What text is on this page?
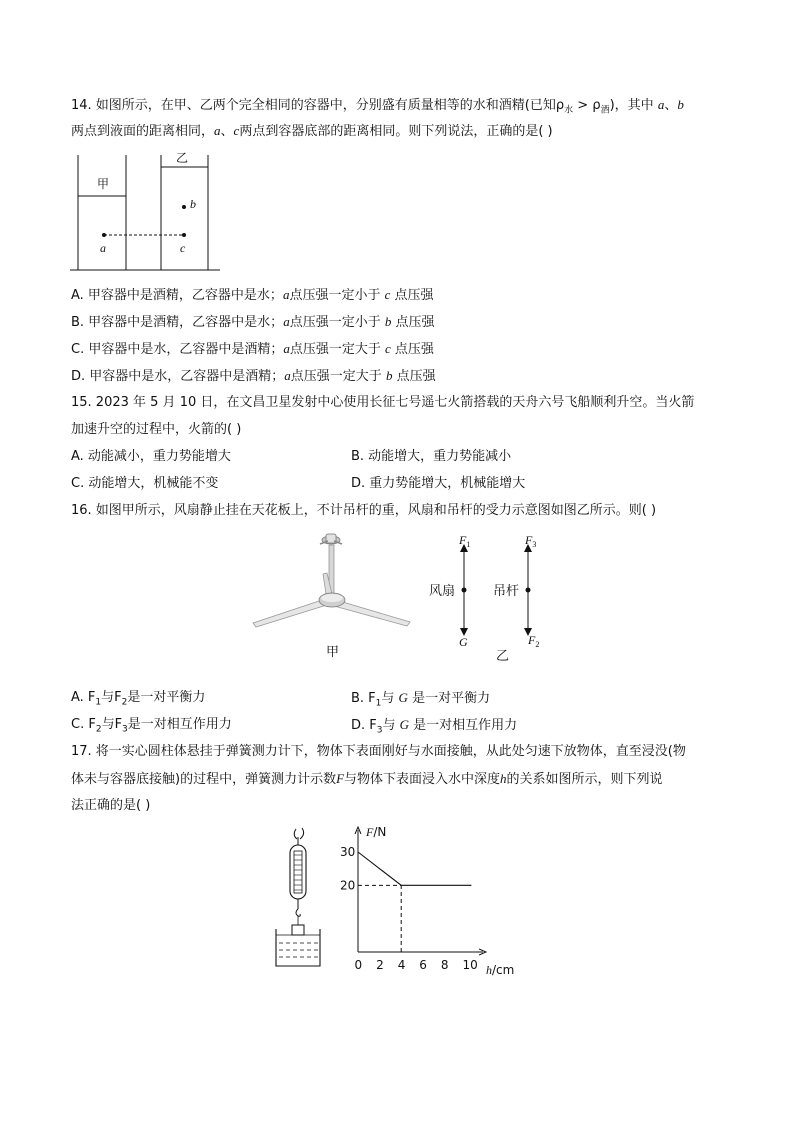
14. 如图所示，在甲、乙两个完全相同的容器中，分别盛有质量相等的水和酒精(已知$\rho_水 > \rho_酒$)，其中 a、b
两点到液面的距离相同，a、c两点到容器底部的距离相同。则下列说法，正确的是( )
甲
乙
a	c
b
A. 甲容器中是酒精，乙容器中是水；a点压强一定小于 c 点压强
B. 甲容器中是酒精，乙容器中是水；a点压强一定小于 b 点压强
C. 甲容器中是水，乙容器中是酒精；a点压强一定大于 c 点压强
D. 甲容器中是水，乙容器中是酒精；a点压强一定大于 b 点压强
15. 2023 年 5 月 10 日，在文昌卫星发射中心使用长征七号遥七火箭搭载的天舟六号飞船顺利升空。当火箭
加速升空的过程中，火箭的( )
A. 动能减小，重力势能增大	B. 动能增大，重力势能减小
C. 动能增大，机械能不变	D. 重力势能增大，机械能增大
16. 如图甲所示，风扇静止挂在天花板上，不计吊杆的重，风扇和吊杆的受力示意图如图乙所示。则( )
甲
$F_1$
G
风扇
$F_3$
$F_2$
吊杆
乙
A. $F_1$与$F_2$是一对平衡力	B. $F_1$与 G 是一对平衡力
C. $F_2$与$F_3$是一对相互作用力	D. $F_3$与 G 是一对相互作用力
17. 将一实心圆柱体悬挂于弹簧测力计下，物体下表面刚好与水面接触，从此处匀速下放物体，直至浸没(物
体未与容器底接触)的过程中，弹簧测力计示数F与物体下表面浸入水中深度h的关系如图所示，则下列说
法正确的是( )
F/N
h/cm
0 2 4 6 8 10
20
30
